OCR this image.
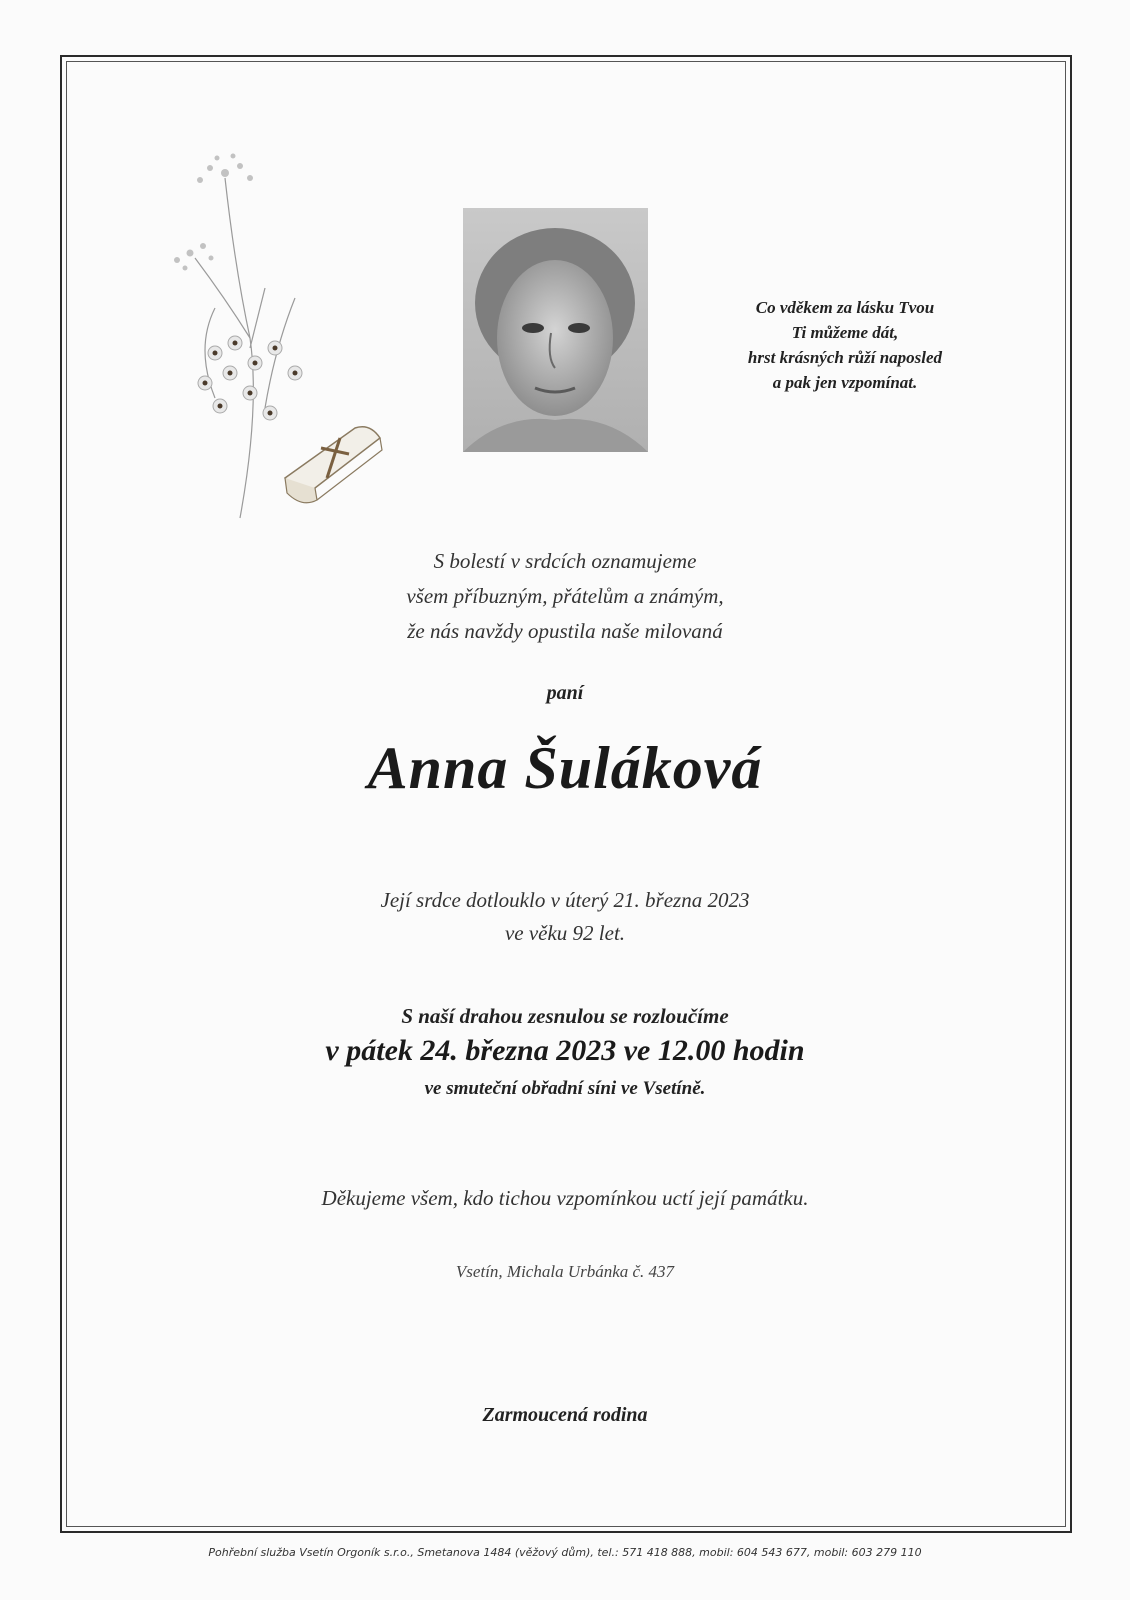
Co vděkem za lásku Tvou
Ti můžeme dát,
hrst krásných růží naposled
a pak jen vzpomínat.
S bolestí v srdcích oznamujeme
všem příbuzným, přátelům a známým,
že nás navždy opustila naše milovaná
paní
Anna Šuláková
Její srdce dotlouklo v úterý 21. března 2023
ve věku 92 let.
S naší drahou zesnulou se rozloučíme
v pátek 24. března 2023 ve 12.00 hodin
ve smuteční obřadní síni ve Vsetíně.
Děkujeme všem, kdo tichou vzpomínkou uctí její památku.
Vsetín, Michala Urbánka č. 437
Zarmoucená rodina
Pohřební služba Vsetín Orgoník s.r.o., Smetanova 1484 (věžový dům), tel.: 571 418 888, mobil: 604 543 677, mobil: 603 279 110
